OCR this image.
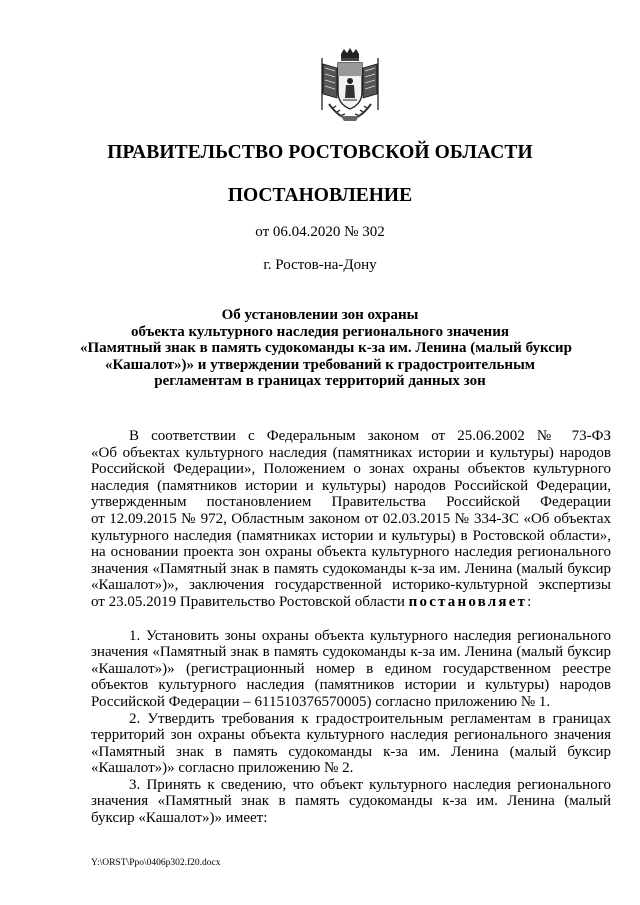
ПРАВИТЕЛЬСТВО РОСТОВСКОЙ ОБЛАСТИ
ПОСТАНОВЛЕНИЕ
от 06.04.2020 № 302
г. Ростов-на-Дону
Об установлении зон охраны
объекта культурного наследия регионального значения
«Памятный знак в память судокоманды к-за им. Ленина (малый буксир
«Кашалот»)» и утверждении требований к градостроительным
регламентам в границах территорий данных зон
В соответствии с Федеральным законом от 25.06.2002 № 73-ФЗ
«Об объектах культурного наследия (памятниках истории и культуры) народов
Российской Федерации», Положением о зонах охраны объектов культурного
наследия (памятников истории и культуры) народов Российской Федерации,
утвержденным постановлением Правительства Российской Федерации
от 12.09.2015 № 972, Областным законом от 02.03.2015 № 334-ЗС «Об объектах
культурного наследия (памятниках истории и культуры) в Ростовской области»,
на основании проекта зон охраны объекта культурного наследия регионального
значения «Памятный знак в память судокоманды к-за им. Ленина (малый буксир
«Кашалот»)», заключения государственной историко-культурной экспертизы
от 23.05.2019 Правительство Ростовской области постановляет:
1. Установить зоны охраны объекта культурного наследия регионального
значения «Памятный знак в память судокоманды к-за им. Ленина (малый буксир
«Кашалот»)» (регистрационный номер в едином государственном реестре
объектов культурного наследия (памятников истории и культуры) народов
Российской Федерации – 611510376570005) согласно приложению № 1.
2. Утвердить требования к градостроительным регламентам в границах
территорий зон охраны объекта культурного наследия регионального значения
«Памятный знак в память судокоманды к-за им. Ленина (малый буксир
«Кашалот»)» согласно приложению № 2.
3. Принять к сведению, что объект культурного наследия регионального
значения «Памятный знак в память судокоманды к-за им. Ленина (малый
буксир «Кашалот»)» имеет:
Y:\ORST\Ppo\0406p302.f20.docx
